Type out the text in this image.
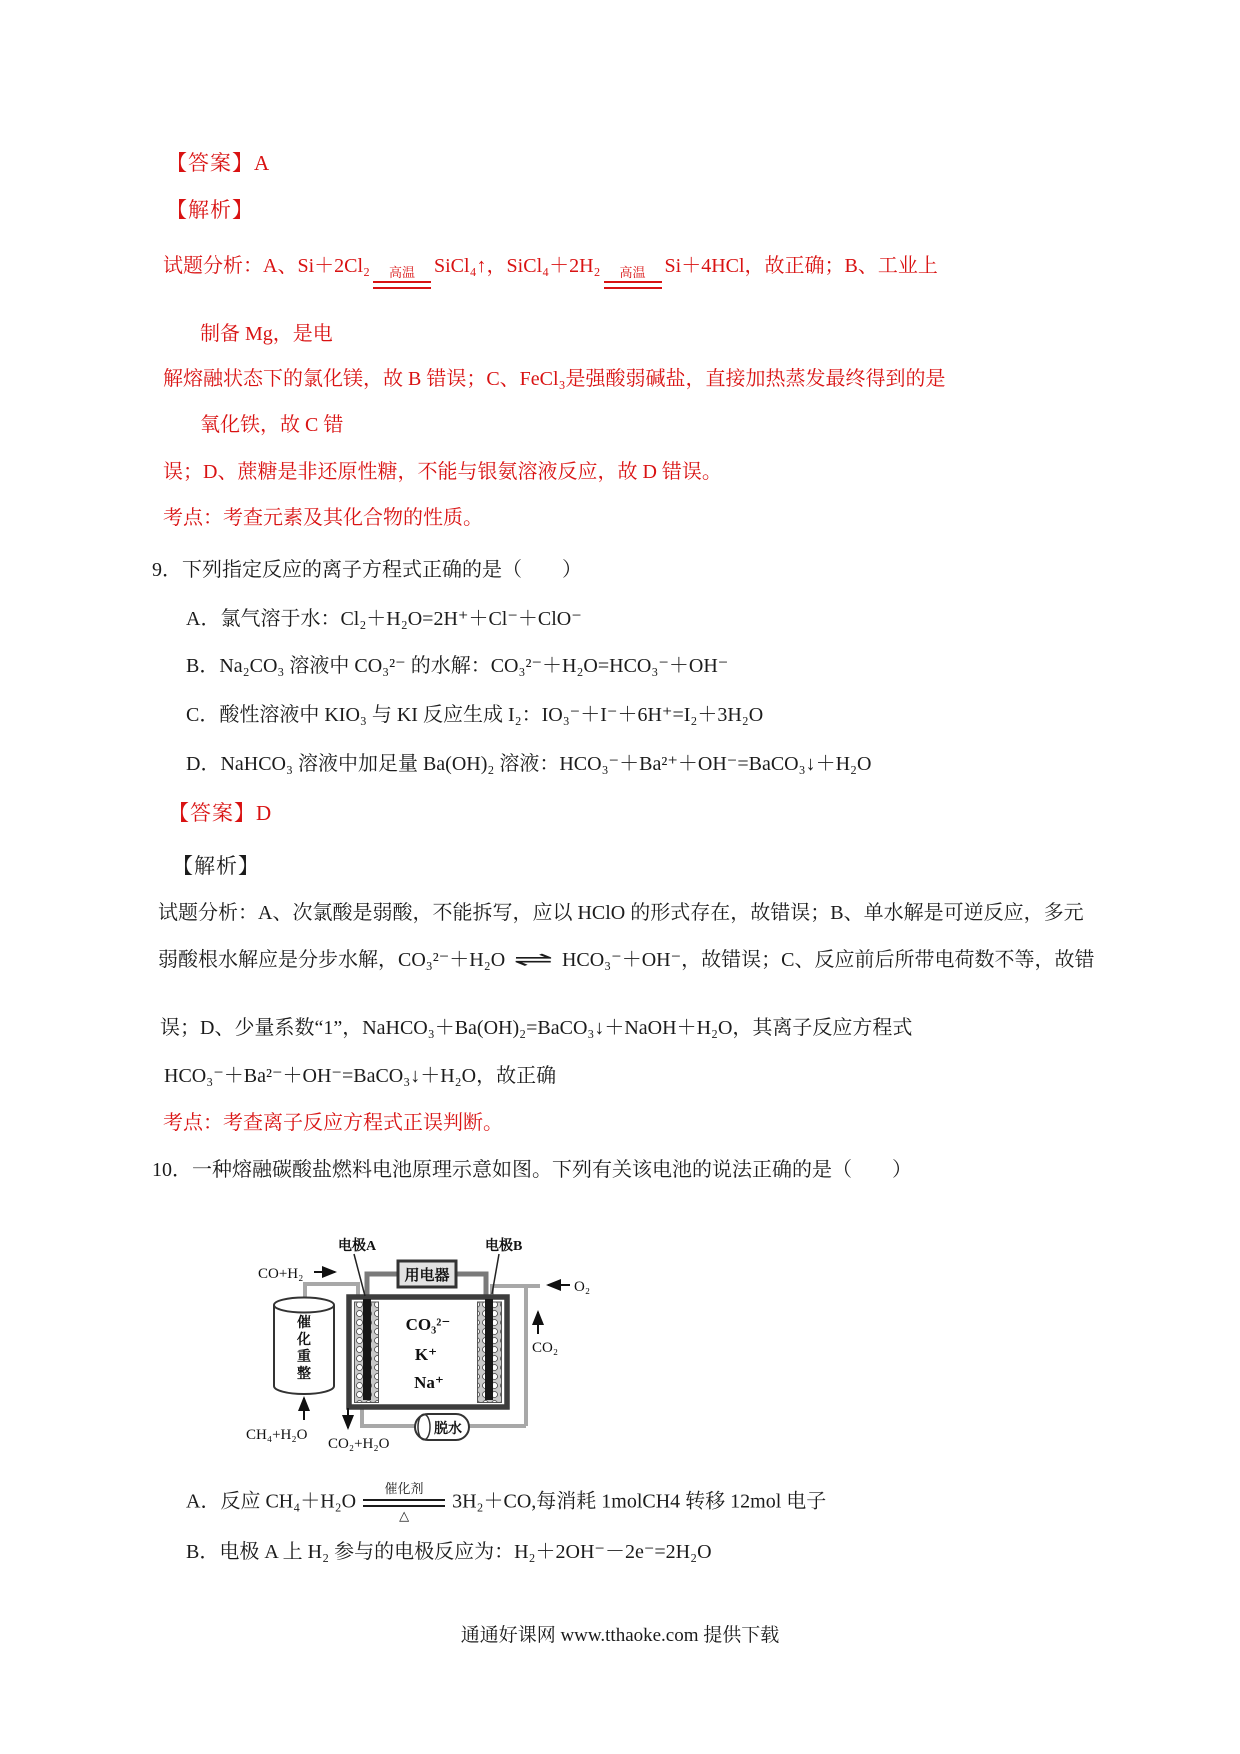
【答案】A
【解析】
试题分析：A、Si＋2Cl₂	高温 SiCl₄↑，SiCl₄＋2H₂	高温 Si＋4HCl，故正确；B、工业上
制备 Mg，是电
解熔融状态下的氯化镁，故 B 错误；C、FeCl₃是强酸弱碱盐，直接加热蒸发最终得到的是
氧化铁，故 C 错
误；D、蔗糖是非还原性糖，不能与银氨溶液反应，故 D 错误。
考点：考查元素及其化合物的性质。
9．下列指定反应的离子方程式正确的是（　　）
A．氯气溶于水：Cl₂＋H₂O=2H⁺＋Cl⁻＋ClO⁻
B．Na₂CO₃ 溶液中 CO₃²⁻ 的水解：CO₃²⁻＋H₂O=HCO₃⁻＋OH⁻
C．酸性溶液中 KIO₃ 与 KI 反应生成 I₂：IO₃⁻＋I⁻＋6H⁺=I₂＋3H₂O
D．NaHCO₃ 溶液中加足量 Ba(OH)₂ 溶液：HCO₃⁻＋Ba²⁺＋OH⁻=BaCO₃↓＋H₂O
【答案】D
【解析】
试题分析：A、次氯酸是弱酸，不能拆写，应以 HClO 的形式存在，故错误；B、单水解是可逆反应，多元
弱酸根水解应是分步水解，CO₃²⁻＋H₂O ⇌ HCO₃⁻＋OH⁻，故错误；C、反应前后所带电荷数不等，故错
误；D、少量系数“1”，NaHCO₃＋Ba(OH)₂=BaCO₃↓＋NaOH＋H₂O，其离子反应方程式
HCO₃⁻＋Ba²⁻＋OH⁻=BaCO₃↓＋H₂O，故正确
考点：考查离子反应方程式正误判断。
10．一种熔融碳酸盐燃料电池原理示意如图。下列有关该电池的说法正确的是（　　）
用电器
CO₃²⁻
K⁺
Na⁺
电极A	电极B
CO+H₂
O₂
CO₂
催
化
重
整
CH₄+H₂O
CO₂+H₂O
脱水
A．反应 CH₄＋H₂O
催化剂
△
3H₂＋CO,每消耗 1molCH4 转移 12mol 电子
B．电极 A 上 H₂ 参与的电极反应为：H₂＋2OH⁻－2e⁻=2H₂O
通通好课网 www.tthaoke.com 提供下载
